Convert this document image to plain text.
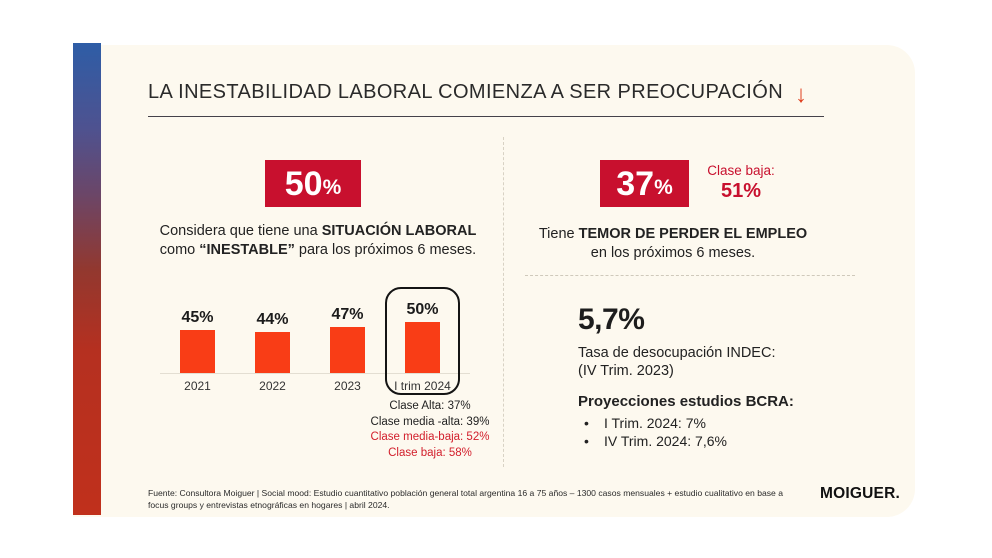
LA INESTABILIDAD LABORAL COMIENZA A SER PREOCUPACIÓN ↓
50 %
Considera que tiene una SITUACIÓN LABORAL
como “INESTABLE” para los próximos 6 meses.
45%
2021
44%
2022
47%
2023
50%
I trim 2024
Clase Alta: 37%
Clase media -alta: 39%
Clase media-baja: 52%
Clase baja: 58%
37 %
Clase baja:
51%
Tiene TEMOR DE PERDER EL EMPLEO
en los próximos 6 meses.
5,7%
Tasa de desocupación INDEC:
(IV Trim. 2023)
Proyecciones estudios BCRA:
• I Trim. 2024: 7%
• IV Trim. 2024: 7,6%
Fuente: Consultora Moiguer | Social mood: Estudio cuantitativo población general total argentina 16 a 75 años – 1300 casos mensuales + estudio cualitativo en base a focus groups y entrevistas etnográficas en hogares | abril 2024.
MOIGUER.
